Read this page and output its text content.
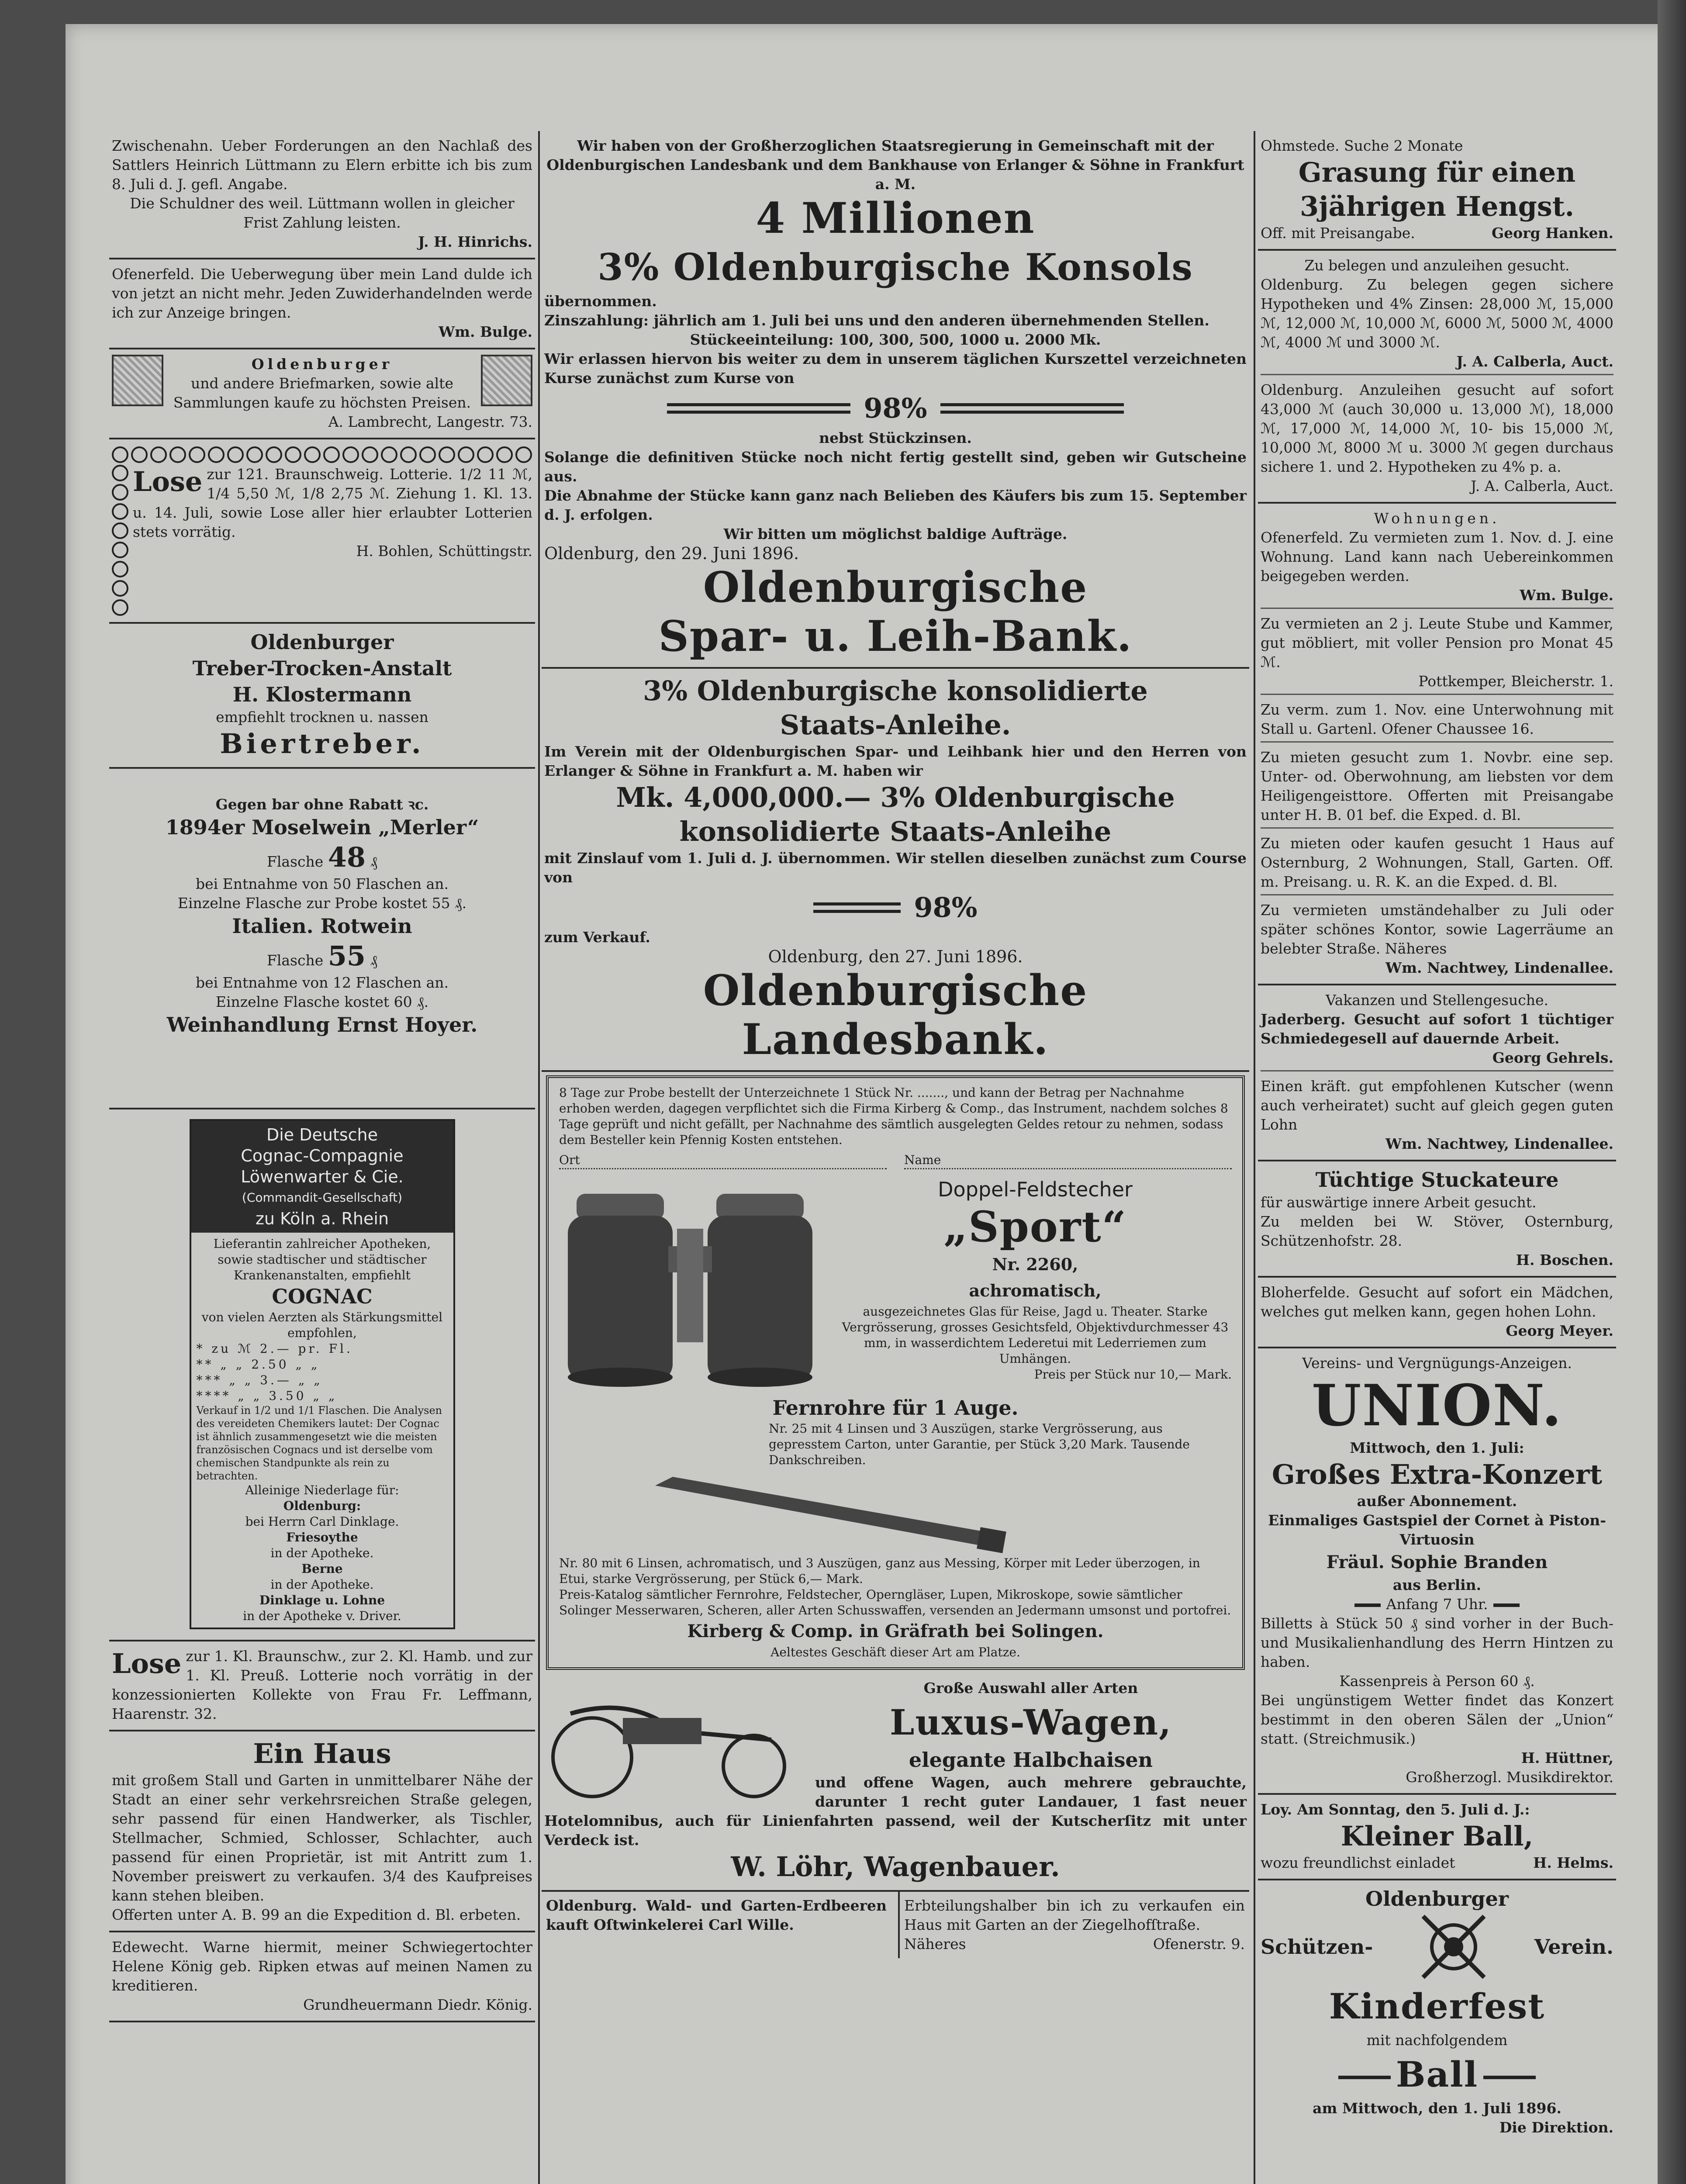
Zwischenahn. Ueber Forderungen an den Nachlaß des Sattlers Heinrich Lüttmann zu Elern erbitte ich bis zum 8. Juli d. J. gefl. Angabe.

Die Schuldner des weil. Lüttmann wollen in gleicher Frist Zahlung leisten.

J. H. Hinrichs.

Ofenerfeld. Die Ueberwegung über mein Land dulde ich von jetzt an nicht mehr. Jeden Zuwiderhandelnden werde ich zur Anzeige bringen.

Wm. Bulge.

Oldenburger

und andere Briefmarken, sowie alte Sammlungen kaufe zu höchsten Preisen.

A. Lambrecht, Langestr. 73.

Lose zur 121. Braunschweig. Lotterie. 1/2 11 ℳ, 1/4 5,50 ℳ, 1/8 2,75 ℳ. Ziehung 1. Kl. 13. u. 14. Juli, sowie Lose aller hier erlaubter Lotterien stets vorrätig.

H. Bohlen, Schüttingstr.

Oldenburger

Treber-Trocken-Anstalt

H. Klostermann

empfiehlt trocknen u. nassen

Biertreber.

Gegen bar ohne Rabatt ꝛc.

1894er Moselwein „Merler“

Flasche 48 ₰

bei Entnahme von 50 Flaschen an.

Einzelne Flasche zur Probe kostet 55 ₰.

Italien. Rotwein

Flasche 55 ₰

bei Entnahme von 12 Flaschen an.

Einzelne Flasche kostet 60 ₰.

Weinhandlung Ernst Hoyer.

Die Deutsche
Cognac-Compagnie
Löwenwarter & Cie.
(Commandit-Gesellschaft)
zu Köln a. Rhein

Lieferantin zahlreicher Apotheken, sowie stadtischer und städtischer Krankenanstalten, empfiehlt

COGNAC

von vielen Aerzten als Stärkungsmittel empfohlen,

* zu ℳ 2.— pr. Fl.

** „ „ 2.50 „ „

*** „ „ 3.— „ „

**** „ „ 3.50 „ „

Verkauf in 1/2 und 1/1 Flaschen. Die Analysen des vereideten Chemikers lautet: Der Cognac ist ähnlich zusammengesetzt wie die meisten französischen Cognacs und ist derselbe vom chemischen Standpunkte als rein zu betrachten.

Alleinige Niederlage für:

Oldenburg:

bei Herrn Carl Dinklage.

Friesoythe

in der Apotheke.

Berne

in der Apotheke.

Dinklage u. Lohne

in der Apotheke v. Driver.

Lose zur 1. Kl. Braunschw., zur 2. Kl. Hamb. und zur 1. Kl. Preuß. Lotterie noch vorrätig in der konzessionierten Kollekte von Frau Fr. Leffmann, Haarenstr. 32.

Ein Haus

mit großem Stall und Garten in unmittelbarer Nähe der Stadt an einer sehr verkehrsreichen Straße gelegen, sehr passend für einen Handwerker, als Tischler, Stellmacher, Schmied, Schlosser, Schlachter, auch passend für einen Proprietär, ist mit Antritt zum 1. November preiswert zu verkaufen. 3/4 des Kaufpreises kann stehen bleiben.

Offerten unter A. B. 99 an die Expedition d. Bl. erbeten.

Edewecht. Warne hiermit, meiner Schwiegertochter Helene König geb. Ripken etwas auf meinen Namen zu kreditieren.

Grundheuermann Diedr. König.

Wir haben von der Großherzoglichen Staatsregierung in Gemeinschaft mit der Oldenburgischen Landesbank und dem Bankhause von Erlanger & Söhne in Frankfurt a. M.

4 Millionen

3% Oldenburgische Konsols

übernommen.

Zinszahlung: jährlich am 1. Juli bei uns und den anderen übernehmenden Stellen.

Stückeeinteilung: 100, 300, 500, 1000 u. 2000 Mk.

Wir erlassen hiervon bis weiter zu dem in unserem täglichen Kurszettel verzeichneten Kurse zunächst zum Kurse von

98%

nebst Stückzinsen.

Solange die definitiven Stücke noch nicht fertig gestellt sind, geben wir Gutscheine aus.

Die Abnahme der Stücke kann ganz nach Belieben des Käufers bis zum 15. September d. J. erfolgen.

Wir bitten um möglichst baldige Aufträge.

Oldenburg, den 29. Juni 1896.

Oldenburgische

Spar- u. Leih-Bank.

3% Oldenburgische konsolidierte

Staats-Anleihe.

Im Verein mit der Oldenburgischen Spar- und Leihbank hier und den Herren von Erlanger & Söhne in Frankfurt a. M. haben wir

Mk. 4,000,000.— 3% Oldenburgische konsolidierte Staats-Anleihe

mit Zinslauf vom 1. Juli d. J. übernommen. Wir stellen dieselben zunächst zum Course von

98%

zum Verkauf.

Oldenburg, den 27. Juni 1896.

Oldenburgische Landesbank.

8 Tage zur Probe bestellt der Unterzeichnete 1 Stück Nr. ......., und kann der Betrag per Nachnahme erhoben werden, dagegen verpflichtet sich die Firma Kirberg & Comp., das Instrument, nachdem solches 8 Tage geprüft und nicht gefällt, per Nachnahme des sämtlich ausgelegten Geldes retour zu nehmen, sodass dem Besteller kein Pfennig Kosten entstehen.

Ort	Name

Doppel-Feldstecher

„Sport“

Nr. 2260,

achromatisch,

ausgezeichnetes Glas für Reise, Jagd u. Theater. Starke Vergrösserung, grosses Gesichtsfeld, Objektivdurchmesser 43 mm, in wasserdichtem Lederetui mit Lederriemen zum Umhängen.

Preis per Stück nur 10,— Mark.

Fernrohre für 1 Auge.

Nr. 25 mit 4 Linsen und 3 Auszügen, starke Vergrösserung, aus gepresstem Carton, unter Garantie, per Stück 3,20 Mark. Tausende Dankschreiben.

Nr. 80 mit 6 Linsen, achromatisch, und 3 Auszügen, ganz aus Messing, Körper mit Leder überzogen, in Etui, starke Vergrösserung, per Stück 6,— Mark.

Preis-Katalog sämtlicher Fernrohre, Feldstecher, Operngläser, Lupen, Mikroskope, sowie sämtlicher Solinger Messerwaren, Scheren, aller Arten Schusswaffen, versenden an Jedermann umsonst und portofrei.

Kirberg & Comp. in Gräfrath bei Solingen.

Aeltestes Geschäft dieser Art am Platze.

Große Auswahl aller Arten

Luxus-Wagen,

elegante Halbchaisen

und offene Wagen, auch mehrere gebrauchte, darunter 1 recht guter Landauer, 1 fast neuer Hotelomnibus, auch für Linienfahrten passend, weil der Kutscherſitz mit unter Verdeck ist.

W. Löhr, Wagenbauer.

Oldenburg. Wald- und Garten-Erdbeeren kauft Oſtwinkelerei Carl Wille.

Erbteilungshalber bin ich zu verkaufen ein Haus mit Garten an der Ziegelhofſtraße.

Näheres	Ofenerstr. 9.

Ohmstede. Suche 2 Monate

Grasung für einen

3jährigen Hengst.

Off. mit Preisangabe.	Georg Hanken.

Zu belegen und anzuleihen gesucht.

Oldenburg. Zu belegen gegen sichere Hypotheken und 4% Zinsen: 28,000 ℳ, 15,000 ℳ, 12,000 ℳ, 10,000 ℳ, 6000 ℳ, 5000 ℳ, 4000 ℳ, 4000 ℳ und 3000 ℳ.

J. A. Calberla, Auct.

Oldenburg. Anzuleihen gesucht auf sofort 43,000 ℳ (auch 30,000 u. 13,000 ℳ), 18,000 ℳ, 17,000 ℳ, 14,000 ℳ, 10- bis 15,000 ℳ, 10,000 ℳ, 8000 ℳ u. 3000 ℳ gegen durchaus sichere 1. und 2. Hypotheken zu 4% p. a.

J. A. Calberla, Auct.

Wohnungen.

Ofenerfeld. Zu vermieten zum 1. Nov. d. J. eine Wohnung. Land kann nach Uebereinkommen beigegeben werden.

Wm. Bulge.

Zu vermieten an 2 j. Leute Stube und Kammer, gut möbliert, mit voller Pension pro Monat 45 ℳ.

Pottkemper, Bleicherstr. 1.

Zu verm. zum 1. Nov. eine Unterwohnung mit Stall u. Gartenl. Ofener Chaussee 16.

Zu mieten gesucht zum 1. Novbr. eine sep. Unter- od. Oberwohnung, am liebsten vor dem Heiligengeisttore. Offerten mit Preisangabe unter H. B. 01 bef. die Exped. d. Bl.

Zu mieten oder kaufen gesucht 1 Haus auf Osternburg, 2 Wohnungen, Stall, Garten. Off. m. Preisang. u. R. K. an die Exped. d. Bl.

Zu vermieten umständehalber zu Juli oder später schönes Kontor, sowie Lagerräume an belebter Straße. Näheres

Wm. Nachtwey, Lindenallee.

Vakanzen und Stellengesuche.

Jaderberg. Gesucht auf sofort 1 tüchtiger Schmiedegesell auf dauernde Arbeit.

Georg Gehrels.

Einen kräft. gut empfohlenen Kutscher (wenn auch verheiratet) sucht auf gleich gegen guten Lohn

Wm. Nachtwey, Lindenallee.

Tüchtige Stuckateure

für auswärtige innere Arbeit gesucht.

Zu melden bei W. Stöver, Osternburg, Schützenhofstr. 28.

H. Boschen.

Bloherfelde. Gesucht auf sofort ein Mädchen, welches gut melken kann, gegen hohen Lohn.

Georg Meyer.

Vereins- und Vergnügungs-Anzeigen.

UNION.

Mittwoch, den 1. Juli:

Großes Extra-Konzert

außer Abonnement.

Einmaliges Gastspiel der Cornet à Piston-Virtuosin

Fräul. Sophie Branden

aus Berlin.

Anfang 7 Uhr.

Billetts à Stück 50 ₰ sind vorher in der Buch- und Musikalienhandlung des Herrn Hintzen zu haben.

Kassenpreis à Person 60 ₰.

Bei ungünstigem Wetter findet das Konzert bestimmt in den oberen Sälen der „Union“ statt. (Streichmusik.)

H. Hüttner,

Großherzogl. Musikdirektor.

Loy. Am Sonntag, den 5. Juli d. J.:

Kleiner Ball,

wozu freundlichst einladet	H. Helms.

Oldenburger

Schützen-	Verein.

Kinderfest

mit nachfolgendem

Ball

am Mittwoch, den 1. Juli 1896.

Die Direktion.
